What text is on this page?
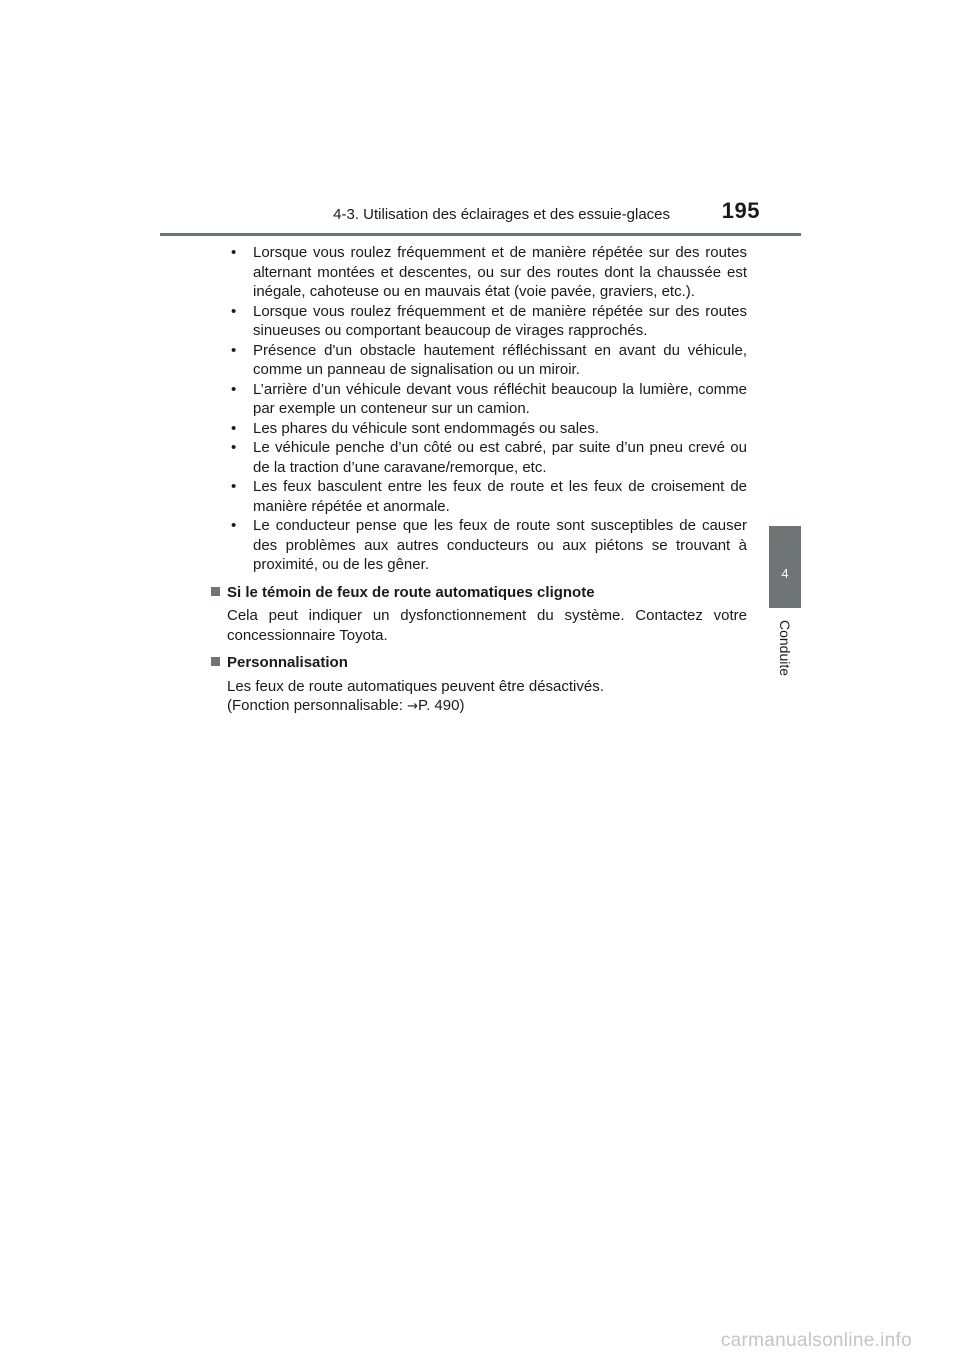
4-3. Utilisation des éclairages et des essuie-glaces 195
4
Conduite
• Lorsque vous roulez fréquemment et de manière répétée sur des routes alternant montées et descentes, ou sur des routes dont la chaussée est inégale, cahoteuse ou en mauvais état (voie pavée, graviers, etc.).
• Lorsque vous roulez fréquemment et de manière répétée sur des routes sinueuses ou comportant beaucoup de virages rapprochés.
• Présence d'un obstacle hautement réfléchissant en avant du véhicule, comme un panneau de signalisation ou un miroir.
• L’arrière d’un véhicule devant vous réfléchit beaucoup la lumière, comme par exemple un conteneur sur un camion.
• Les phares du véhicule sont endommagés ou sales.
• Le véhicule penche d’un côté ou est cabré, par suite d’un pneu crevé ou de la traction d’une caravane/remorque, etc.
• Les feux basculent entre les feux de route et les feux de croisement de manière répétée et anormale.
• Le conducteur pense que les feux de route sont susceptibles de causer des problèmes aux autres conducteurs ou aux piétons se trouvant à proximité, ou de les gêner.
Si le témoin de feux de route automatiques clignote

Cela peut indiquer un dysfonctionnement du système. Contactez votre concessionnaire Toyota.

Personnalisation

Les feux de route automatiques peuvent être désactivés.

(Fonction personnalisable: →P. 490)

carmanualsonline.info
